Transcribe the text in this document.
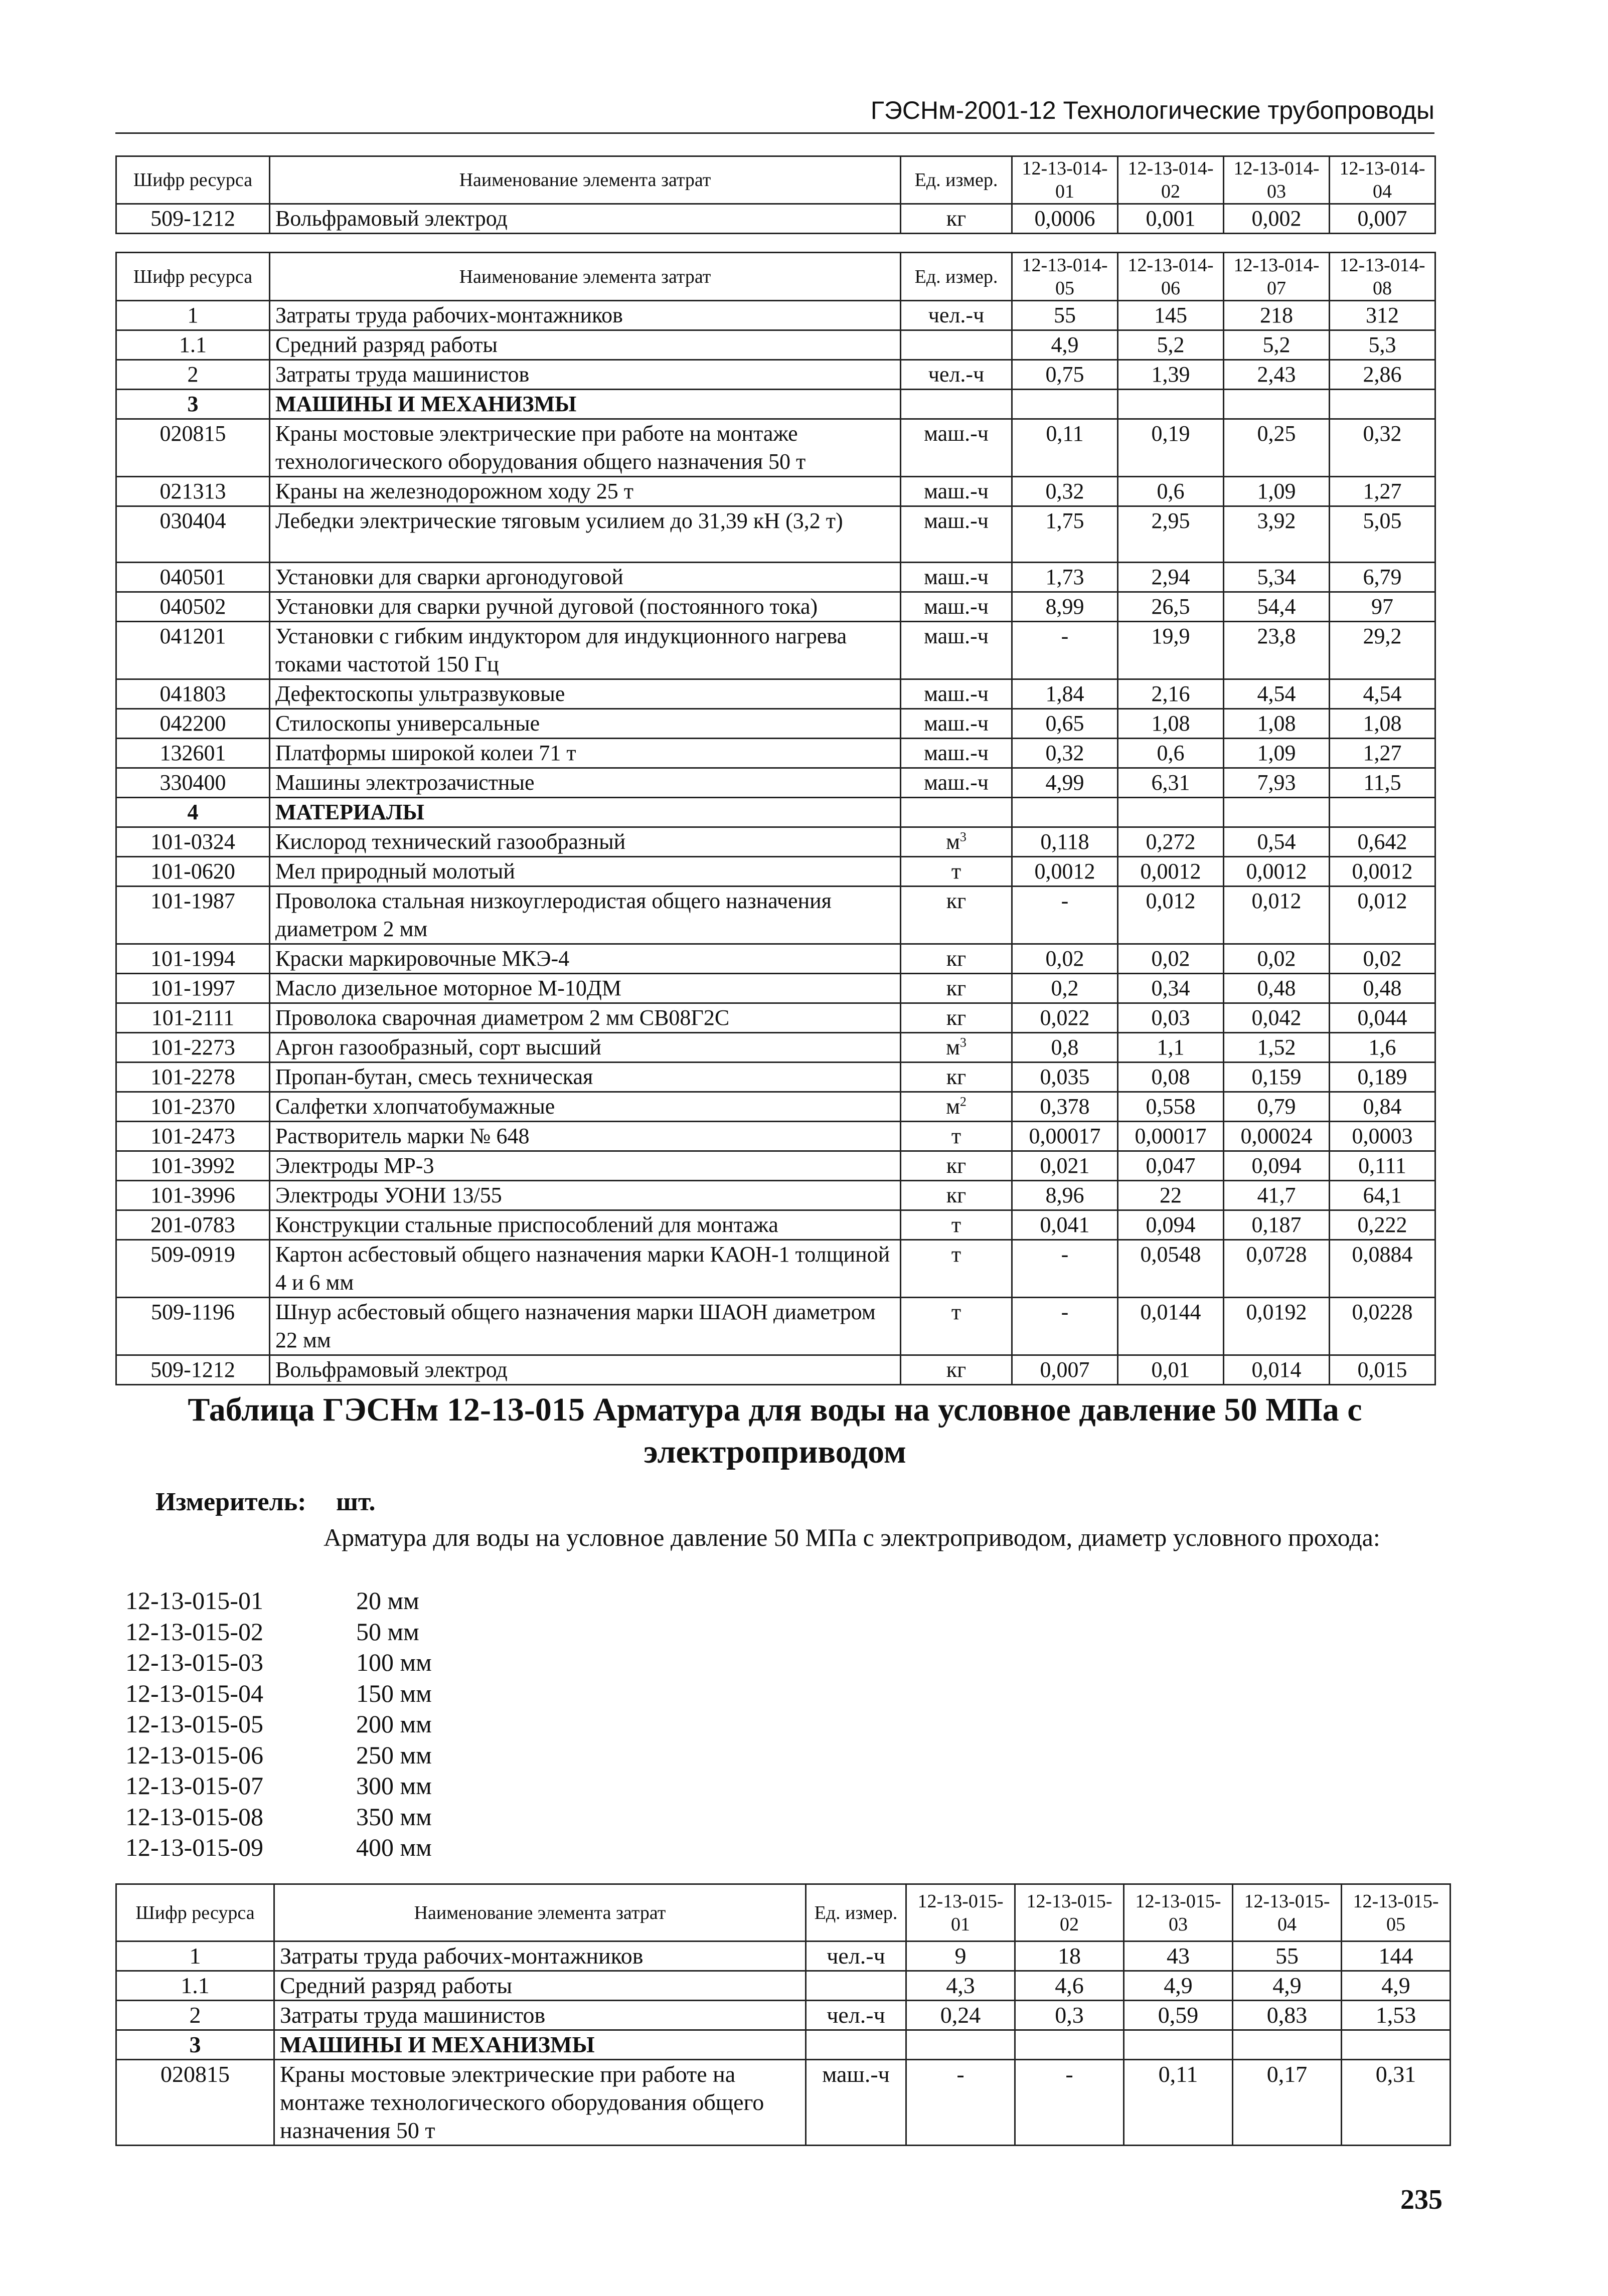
ГЭСНм-2001-12 Технологические трубопроводы
Шифр ресурса	Наименование элемента затрат	Ед. измер.	12-13-014-01	12-13-014-02	12-13-014-03	12-13-014-04
509-1212	Вольфрамовый электрод	кг	0,0006	0,001	0,002	0,007
Шифр ресурса	Наименование элемента затрат	Ед. измер.	12-13-014-05	12-13-014-06	12-13-014-07	12-13-014-08
1	Затраты труда рабочих-монтажников	чел.-ч	55	145	218	312
1.1	Средний разряд работы		4,9	5,2	5,2	5,3
2	Затраты труда машинистов	чел.-ч	0,75	1,39	2,43	2,86
3	МАШИНЫ И МЕХАНИЗМЫ					
020815	Краны мостовые электрические при работе на монтаже технологического оборудования общего назначения 50 т	маш.-ч	0,11	0,19	0,25	0,32
021313	Краны на железнодорожном ходу 25 т	маш.-ч	0,32	0,6	1,09	1,27
030404	Лебедки электрические тяговым усилием до 31,39 кН (3,2 т)	маш.-ч	1,75	2,95	3,92	5,05
040501	Установки для сварки аргонодуговой	маш.-ч	1,73	2,94	5,34	6,79
040502	Установки для сварки ручной дуговой (постоянного тока)	маш.-ч	8,99	26,5	54,4	97
041201	Установки с гибким индуктором для индукционного нагрева токами частотой 150 Гц	маш.-ч	-	19,9	23,8	29,2
041803	Дефектоскопы ультразвуковые	маш.-ч	1,84	2,16	4,54	4,54
042200	Стилоскопы универсальные	маш.-ч	0,65	1,08	1,08	1,08
132601	Платформы широкой колеи 71 т	маш.-ч	0,32	0,6	1,09	1,27
330400	Машины электрозачистные	маш.-ч	4,99	6,31	7,93	11,5
4	МАТЕРИАЛЫ					
101-0324	Кислород технический газообразный	$м^3$	0,118	0,272	0,54	0,642
101-0620	Мел природный молотый	т	0,0012	0,0012	0,0012	0,0012
101-1987	Проволока стальная низкоуглеродистая общего назначения диаметром 2 мм	кг	-	0,012	0,012	0,012
101-1994	Краски маркировочные МКЭ-4	кг	0,02	0,02	0,02	0,02
101-1997	Масло дизельное моторное М-10ДМ	кг	0,2	0,34	0,48	0,48
101-2111	Проволока сварочная диаметром 2 мм СВ08Г2С	кг	0,022	0,03	0,042	0,044
101-2273	Аргон газообразный, сорт высший	$м^3$	0,8	1,1	1,52	1,6
101-2278	Пропан-бутан, смесь техническая	кг	0,035	0,08	0,159	0,189
101-2370	Салфетки хлопчатобумажные	$м^2$	0,378	0,558	0,79	0,84
101-2473	Растворитель марки № 648	т	0,00017	0,00017	0,00024	0,0003
101-3992	Электроды МР-3	кг	0,021	0,047	0,094	0,111
101-3996	Электроды УОНИ 13/55	кг	8,96	22	41,7	64,1
201-0783	Конструкции стальные приспособлений для монтажа	т	0,041	0,094	0,187	0,222
509-0919	Картон асбестовый общего назначения марки КАОН-1 толщиной 4 и 6 мм	т	-	0,0548	0,0728	0,0884
509-1196	Шнур асбестовый общего назначения марки ШАОН диаметром 22 мм	т	-	0,0144	0,0192	0,0228
509-1212	Вольфрамовый электрод	кг	0,007	0,01	0,014	0,015
Таблица ГЭСНм 12-13-015 Арматура для воды на условное давление 50 МПа с электроприводом
Измеритель: шт.
Арматура для воды на условное давление 50 МПа с электроприводом, диаметр условного прохода:
12-13-015-01	20 мм
12-13-015-02	50 мм
12-13-015-03	100 мм
12-13-015-04	150 мм
12-13-015-05	200 мм
12-13-015-06	250 мм
12-13-015-07	300 мм
12-13-015-08	350 мм
12-13-015-09	400 мм
Шифр ресурса	Наименование элемента затрат	Ед. измер.	12-13-015-01	12-13-015-02	12-13-015-03	12-13-015-04	12-13-015-05
1	Затраты труда рабочих-монтажников	чел.-ч	9	18	43	55	144
1.1	Средний разряд работы		4,3	4,6	4,9	4,9	4,9
2	Затраты труда машинистов	чел.-ч	0,24	0,3	0,59	0,83	1,53
3	МАШИНЫ И МЕХАНИЗМЫ						
020815	Краны мостовые электрические при работе на монтаже технологического оборудования общего назначения 50 т	маш.-ч	-	-	0,11	0,17	0,31
235
